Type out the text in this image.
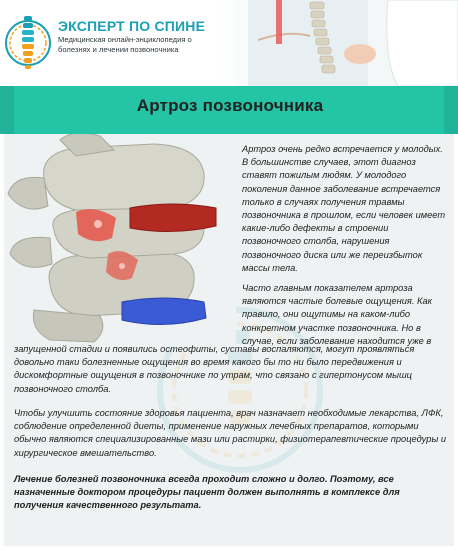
ЭКСПЕРТ ПО СПИНЕ
Медицинская онлайн-энциклопедия о болезнях и лечении позвоночника
Артроз позвоночника

Артроз очень редко встречается у молодых. В большинстве случаев, этот диагноз ставят пожилым людям. У молодого поколения данное заболевание встречается только в случаях получения травмы позвоночника в прошлом, если человек имеет какие-либо дефекты в строении позвоночного столба, нарушения позвоночного диска или же переизбыток массы тела.

Часто главным показателем артроза являются частые болевые ощущения. Как правило, они ощутимы на каком-либо конкретном участке позвоночника. Но в случае, если заболевание находится уже в

запущенной стадии и появились остеофиты, суставы воспаляются, могут проявляться довольно таки болезненные ощущения во время какого бы то ни было передвижения и дискомфортные ощущения в позвоночнике по утрам, что связано с гипертонусом мышц позвоночного столба.

Чтобы улучшить состояние здоровья пациента, врач назначает необходимые лекарства, ЛФК, соблюдение определенной диеты, применение наружных лечебных препаратов, которыми обычно являются специализированные мази или растирки, физиотерапевтические процедуры и хирургическое вмешательство.

Лечение болезней позвоночника всегда проходит сложно и долго. Поэтому, все назначенные доктором процедуры пациент должен выполнять в комплексе для получения качественного результата.
